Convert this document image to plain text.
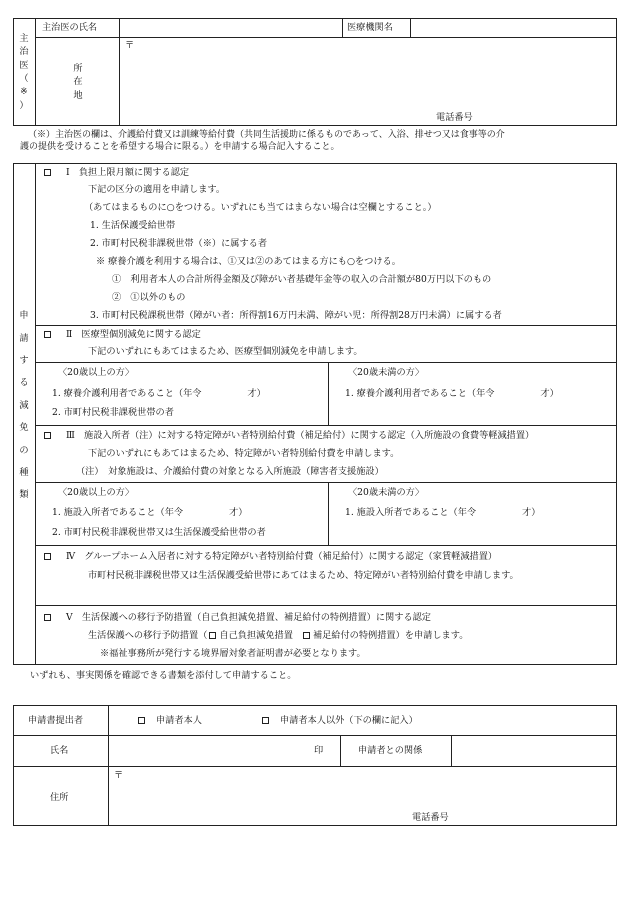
主
治
医
（
※
）
主治医の氏名	医療機関名
所
在
地
〒
電話番号
（※）主治医の欄は、介護給付費又は訓練等給付費（共同生活援助に係るものであって、入浴、排せつ又は食事等の介
護の提供を受けることを希望する場合に限る。）を申請する場合記入すること。
申
請
す
る
減
免
の
種
類
Ⅰ　負担上限月額に関する認定
下記の区分の適用を申請します。
（あてはまるものに○をつける。いずれにも当てはまらない場合は空欄とすること。）
1. 生活保護受給世帯
2. 市町村民税非課税世帯（※）に属する者
※ 療養介護を利用する場合は、①又は②のあてはまる方にも○をつける。
①　利用者本人の合計所得金額及び障がい者基礎年金等の収入の合計額が80万円以下のもの
②　①以外のもの
3. 市町村民税課税世帯（障がい者：所得割16万円未満、障がい児：所得割28万円未満）に属する者
Ⅱ　医療型個別減免に関する認定
下記のいずれにもあてはまるため、医療型個別減免を申請します。
〈20歳以上の方〉
1. 療養介護利用者であること（年令　　　　　才）
2. 市町村民税非課税世帯の者
〈20歳未満の方〉
1. 療養介護利用者であること（年令　　　　　才）
Ⅲ　施設入所者（注）に対する特定障がい者特別給付費（補足給付）に関する認定（入所施設の食費等軽減措置）
下記のいずれにもあてはまるため、特定障がい者特別給付費を申請します。
（注）　対象施設は、介護給付費の対象となる入所施設（障害者支援施設）
〈20歳以上の方〉
1. 施設入所者であること（年令　　　　　才）
2. 市町村民税非課税世帯又は生活保護受給世帯の者
〈20歳未満の方〉
1. 施設入所者であること（年令　　　　　才）
Ⅳ　グループホーム入居者に対する特定障がい者特別給付費（補足給付）に関する認定（家賃軽減措置）
市町村民税非課税世帯又は生活保護受給世帯にあてはまるため、特定障がい者特別給付費を申請します。
Ⅴ　生活保護への移行予防措置（自己負担減免措置、補足給付の特例措置）に関する認定
生活保護への移行予防措置（ 自己負担減免措置 補足給付の特例措置）を申請します。
※福祉事務所が発行する境界層対象者証明書が必要となります。
いずれも、事実関係を確認できる書類を添付して申請すること。
申請書提出者	申請者本人	申請者本人以外（下の欄に記入）
氏名	印	申請者との関係
住所
〒
電話番号
